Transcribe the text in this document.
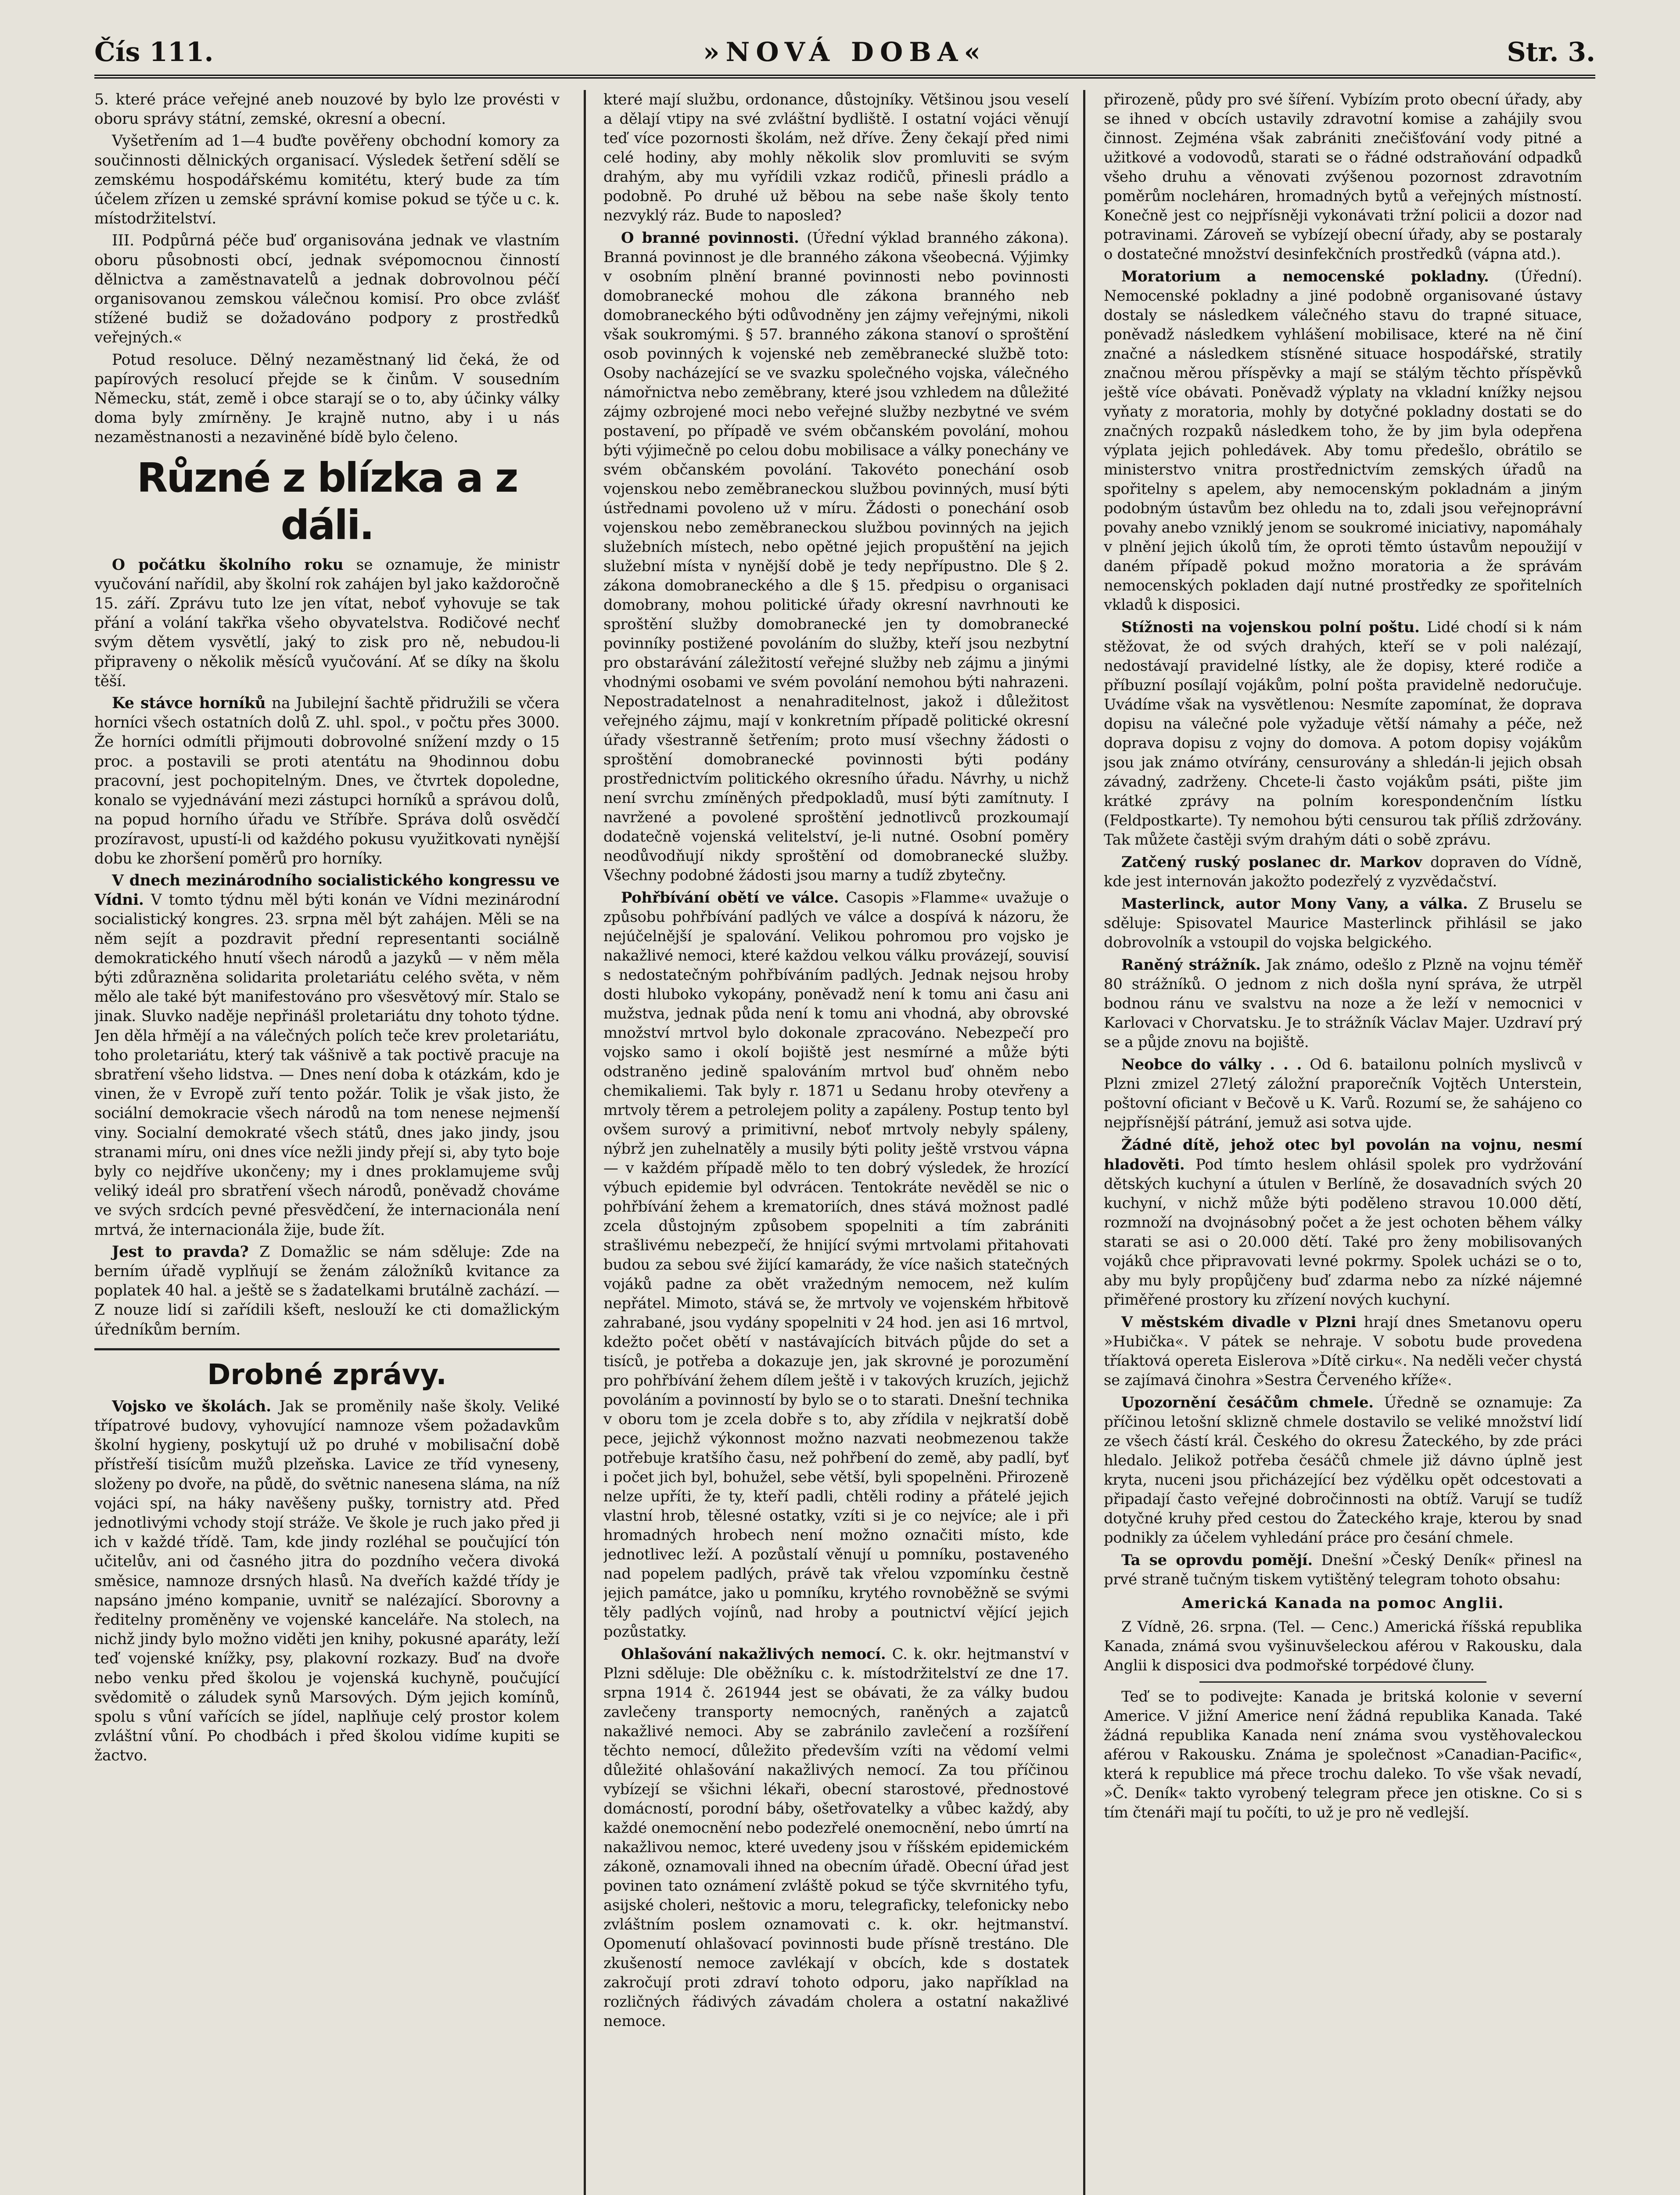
Čís 111.	»NOVÁ DOBA«	Str. 3.

5. které práce veřejné aneb nouzové by bylo lze provésti v oboru správy státní, zemské, okresní a obecní.

Vyšetřením ad 1—4 buďte pověřeny obchodní komory za součinnosti dělnických organisací. Výsledek šetření sdělí se zemskému hospodářskému komitétu, který bude za tím účelem zřízen u zemské správní komise pokud se týče u c. k. místodržitelství.

III. Podpůrná péče buď organisována jednak ve vlastním oboru působnosti obcí, jednak svépomocnou činností dělnictva a zaměstnavatelů a jednak dobrovolnou péčí organisovanou zemskou válečnou komisí. Pro obce zvlášť stížené budiž se dožadováno podpory z prostředků veřejných.«

Potud resoluce. Dělný nezaměstnaný lid čeká, že od papírových resolucí přejde se k činům. V sousedním Německu, stát, země i obce starají se o to, aby účinky války doma byly zmírněny. Je krajně nutno, aby i u nás nezaměstnanosti a nezaviněné bídě bylo čeleno.

Různé z blízka a z dáli.

O počátku školního roku se oznamuje, že ministr vyučování nařídil, aby školní rok zahájen byl jako každoročně 15. září. Zprávu tuto lze jen vítat, neboť vyhovuje se tak přání a volání takřka všeho obyvatelstva. Rodičové nechť svým dětem vysvětlí, jaký to zisk pro ně, nebudou-li připraveny o několik měsíců vyučování. Ať se díky na školu těší.

Ke stávce horníků na Jubilejní šachtě přidružili se včera horníci všech ostatních dolů Z. uhl. spol., v počtu přes 3000. Že horníci odmítli přijmouti dobrovolné snížení mzdy o 15 proc. a postavili se proti atentátu na 9hodinnou dobu pracovní, jest pochopitelným. Dnes, ve čtvrtek dopoledne, konalo se vyjednávání mezi zástupci horníků a správou dolů, na popud horního úřadu ve Stříbře. Správa dolů osvědčí prozíravost, upustí-li od každého pokusu využitkovati nynější dobu ke zhoršení poměrů pro horníky.

V dnech mezinárodního socialistického kongressu ve Vídni. V tomto týdnu měl býti konán ve Vídni mezinárodní socialistický kongres. 23. srpna měl být zahájen. Měli se na něm sejít a pozdravit přední representanti sociálně demokratického hnutí všech národů a jazyků — v něm měla býti zdůrazněna solidarita proletariátu celého světa, v něm mělo ale také být manifestováno pro všesvětový mír. Stalo se jinak. Sluvko naděje nepřinášl proletariátu dny tohoto týdne. Jen děla hřmějí a na válečných polích teče krev proletariátu, toho proletariátu, který tak vášnivě a tak poctivě pracuje na sbratření všeho lidstva. — Dnes není doba k otázkám, kdo je vinen, že v Evropě zuří tento požár. Tolik je však jisto, že sociální demokracie všech národů na tom nenese nejmenší viny. Socialní demokraté všech států, dnes jako jindy, jsou stranami míru, oni dnes více nežli jindy přejí si, aby tyto boje byly co nejdříve ukončeny; my i dnes proklamujeme svůj veliký ideál pro sbratření všech národů, poněvadž chováme ve svých srdcích pevné přesvědčení, že internacionála není mrtvá, že internacionála žije, bude žít.

Jest to pravda? Z Domažlic se nám sděluje: Zde na berním úřadě vyplňují se ženám záložníků kvitance za poplatek 40 hal. a ještě se s žadatelkami brutálně zachází. — Z nouze lidí si zařídili kšeft, neslouží ke cti domažlickým úředníkům berním.

Drobné zprávy.

Vojsko ve školách. Jak se proměnily naše školy. Veliké třípatrové budovy, vyhovující namnoze všem požadavkům školní hygieny, poskytují už po druhé v mobilisační době přístřeší tisícům mužů plzeňska. Lavice ze tříd vyneseny, složeny po dvoře, na půdě, do světnic nanesena sláma, na níž vojáci spí, na háky navěšeny pušky, tornistry atd. Před jednotlivými vchody stojí stráže. Ve škole je ruch jako před ji ich v každé třídě. Tam, kde jindy rozléhal se poučující tón učitelův, ani od časného jitra do pozdního večera divoká směsice, namnoze drsných hlasů. Na dveřích každé třídy je napsáno jméno kompanie, uvnitř se nalézající. Sborovny a ředitelny proměněny ve vojenské kanceláře. Na stolech, na nichž jindy bylo možno viděti jen knihy, pokusné aparáty, leží teď vojenské knížky, psy, plakovní rozkazy. Buď na dvoře nebo venku před školou je vojenská kuchyně, poučující svědomitě o záludek synů Marsových. Dým jejich komínů, spolu s vůní vařících se jídel, naplňuje celý prostor kolem zvláštní vůní. Po chodbách i před školou vidíme kupiti se žactvo.

které mají službu, ordonance, důstojníky. Většinou jsou veselí a dělají vtipy na své zvláštní bydliště. I ostatní vojáci věnují teď více pozornosti školám, než dříve. Ženy čekají před nimi celé hodiny, aby mohly několik slov promluviti se svým drahým, aby mu vyřídili vzkaz rodičů, přinesli prádlo a podobně. Po druhé už běbou na sebe naše školy tento nezvyklý ráz. Bude to naposled?

O branné povinnosti. (Úřední výklad branného zákona). Branná povinnost je dle branného zákona všeobecná. Výjimky v osobním plnění branné povinnosti nebo povinnosti domobranecké mohou dle zákona branného neb domobraneckého býti odůvodněny jen zájmy veřejnými, nikoli však soukromými. § 57. branného zákona stanoví o sproštění osob povinných k vojenské neb zeměbranecké službě toto: Osoby nacházející se ve svazku společného vojska, válečného námořnictva nebo zeměbrany, které jsou vzhledem na důležité zájmy ozbrojené moci nebo veřejné služby nezbytné ve svém postavení, po případě ve svém občanském povolání, mohou býti výjimečně po celou dobu mobilisace a války ponechány ve svém občanském povolání. Takovéto ponechání osob vojenskou nebo zeměbraneckou službou povinných, musí býti ústřednami povoleno už v míru. Žádosti o ponechání osob vojenskou nebo zeměbraneckou službou povinných na jejich služebních místech, nebo opětné jejich propuštění na jejich služební místa v nynější době je tedy nepřípustno. Dle § 2. zákona domobraneckého a dle § 15. předpisu o organisaci domobrany, mohou politické úřady okresní navrhnouti ke sproštění služby domobranecké jen ty domobranecké povinníky postižené povoláním do služby, kteří jsou nezbytní pro obstarávání záležitostí veřejné služby neb zájmu a jinými vhodnými osobami ve svém povolání nemohou býti nahrazeni. Nepostradatelnost a nenahraditelnost, jakož i důležitost veřejného zájmu, mají v konkretním případě politické okresní úřady všestranně šetřením; proto musí všechny žádosti o sproštění domobranecké povinnosti býti podány prostřednictvím politického okresního úřadu. Návrhy, u nichž není svrchu zmíněných předpokladů, musí býti zamítnuty. I navržené a povolené sproštění jednotlivců prozkoumají dodatečně vojenská velitelství, je-li nutné. Osobní poměry neodůvodňují nikdy sproštění od domobranecké služby. Všechny podobné žádosti jsou marny a tudíž zbytečny.

Pohřbívání obětí ve válce. Casopis »Flamme« uvažuje o způsobu pohřbívání padlých ve válce a dospívá k názoru, že nejúčelnější je spalování. Velikou pohromou pro vojsko je nakažlivé nemoci, které každou velkou válku provázejí, souvisí s nedostatečným pohřbíváním padlých. Jednak nejsou hroby dosti hluboko vykopány, poněvadž není k tomu ani času ani mužstva, jednak půda není k tomu ani vhodná, aby obrovské množství mrtvol bylo dokonale zpracováno. Nebezpečí pro vojsko samo i okolí bojiště jest nesmírné a může býti odstraněno jedině spalováním mrtvol buď ohněm nebo chemikaliemi. Tak byly r. 1871 u Sedanu hroby otevřeny a mrtvoly těrem a petrolejem polity a zapáleny. Postup tento byl ovšem surový a primitivní, neboť mrtvoly nebyly spáleny, nýbrž jen zuhelnatěly a musily býti polity ještě vrstvou vápna — v každém případě mělo to ten dobrý výsledek, že hrozící výbuch epidemie byl odvrácen. Tentokráte nevěděl se nic o pohřbívání žehem a krematoriích, dnes stává možnost padlé zcela důstojným způsobem spopelniti a tím zabrániti strašlivému nebezpečí, že hnijící svými mrtvolami přitahovati budou za sebou své žijící kamarády, že více našich statečných vojáků padne za obět vražedným nemocem, než kulím nepřátel. Mimoto, stává se, že mrtvoly ve vojenském hřbitově zahrabané, jsou vydány spopelniti v 24 hod. jen asi 16 mrtvol, kdežto počet obětí v nastávajících bitvách půjde do set a tisíců, je potřeba a dokazuje jen, jak skrovné je porozumění pro pohřbívání žehem dílem ještě i v takových kruzích, jejichž povoláním a povinností by bylo se o to starati. Dnešní technika v oboru tom je zcela dobře s to, aby zřídila v nejkratší době pece, jejichž výkonnost možno nazvati neobmezenou takže potřebuje kratšího času, než pohřbení do země, aby padlí, byť i počet jich byl, bohužel, sebe větší, byli spopelněni. Přirozeně nelze upříti, že ty, kteří padli, chtěli rodiny a přátelé jejich vlastní hrob, tělesné ostatky, vzíti si je co nejvíce; ale i při hromadných hrobech není možno označiti místo, kde jednotlivec leží. A pozůstalí věnují u pomníku, postaveného nad popelem padlých, právě tak vřelou vzpomínku čestně jejich památce, jako u pomníku, krytého rovnoběžně se svými těly padlých vojínů, nad hroby a poutnictví vějící jejich pozůstatky.

Ohlašování nakažlivých nemocí. C. k. okr. hejtmanství v Plzni sděluje: Dle oběžníku c. k. místodržitelství ze dne 17. srpna 1914 č. 261944 jest se obávati, že za války budou zavlečeny transporty nemocných, raněných a zajatců nakažlivé nemoci. Aby se zabránilo zavlečení a rozšíření těchto nemocí, důležito především vzíti na vědomí velmi důležité ohlašování nakažlivých nemocí. Za tou příčinou vybízejí se všichni lékaři, obecní starostové, přednostové domácností, porodní báby, ošetřovatelky a vůbec každý, aby každé onemocnění nebo podezřelé onemocnění, nebo úmrtí na nakažlivou nemoc, které uvedeny jsou v říšském epidemickém zákoně, oznamovali ihned na obecním úřadě. Obecní úřad jest povinen tato oznámení zvláště pokud se týče skvrnitého tyfu, asijské choleri, neštovic a moru, telegraficky, telefonicky nebo zvláštním poslem oznamovati c. k. okr. hejtmanství. Opomenutí ohlašovací povinnosti bude přísně trestáno. Dle zkušeností nemoce zavlékají v obcích, kde s dostatek zakročují proti zdraví tohoto odporu, jako například na rozličných řádivých závadám cholera a ostatní nakažlivé nemoce.

přirozeně, půdy pro své šíření. Vybízím proto obecní úřady, aby se ihned v obcích ustavily zdravotní komise a zahájily svou činnost. Zejména však zabrániti znečišťování vody pitné a užitkové a vodovodů, starati se o řádné odstraňování odpadků všeho druhu a věnovati zvýšenou pozornost zdravotním poměrům nocleháren, hromadných bytů a veřejných místností. Konečně jest co nejpřísněji vykonávati tržní policii a dozor nad potravinami. Zároveň se vybízejí obecní úřady, aby se postaraly o dostatečné množství desinfekčních prostředků (vápna atd.).

Moratorium a nemocenské pokladny. (Úřední). Nemocenské pokladny a jiné podobně organisované ústavy dostaly se následkem válečného stavu do trapné situace, poněvadž následkem vyhlášení mobilisace, které na ně činí značné a následkem stísněné situace hospodářské, stratily značnou měrou příspěvky a mají se stálým těchto příspěvků ještě více obávati. Poněvadž výplaty na vkladní knížky nejsou vyňaty z moratoria, mohly by dotyčné pokladny dostati se do značných rozpaků následkem toho, že by jim byla odepřena výplata jejich pohledávek. Aby tomu předešlo, obrátilo se ministerstvo vnitra prostřednictvím zemských úřadů na spořitelny s apelem, aby nemocenským pokladnám a jiným podobným ústavům bez ohledu na to, zdali jsou veřejnoprávní povahy anebo vzniklý jenom se soukromé iniciativy, napomáhaly v plnění jejich úkolů tím, že oproti těmto ústavům nepoužijí v daném případě pokud možno moratoria a že správám nemocenských pokladen dají nutné prostředky ze spořitelních vkladů k disposici.

Stížnosti na vojenskou polní poštu. Lidé chodí si k nám stěžovat, že od svých drahých, kteří se v poli nalézají, nedostávají pravidelné lístky, ale že dopisy, které rodiče a příbuzní posílají vojákům, polní pošta pravidelně nedoručuje. Uvádíme však na vysvětlenou: Nesmíte zapomínat, že doprava dopisu na válečné pole vyžaduje větší námahy a péče, než doprava dopisu z vojny do domova. A potom dopisy vojákům jsou jak známo otvírány, censurovány a shledán-li jejich obsah závadný, zadrženy. Chcete-li často vojákům psáti, pište jim krátké zprávy na polním korespondenčním lístku (Feldpostkarte). Ty nemohou býti censurou tak příliš zdržovány. Tak můžete častěji svým drahým dáti o sobě zprávu.

Zatčený ruský poslanec dr. Markov dopraven do Vídně, kde jest internován jakožto podezřelý z vyzvědačství.

Masterlinck, autor Mony Vany, a válka. Z Bruselu se sděluje: Spisovatel Maurice Masterlinck přihlásil se jako dobrovolník a vstoupil do vojska belgického.

Raněný strážník. Jak známo, odešlo z Plzně na vojnu téměř 80 strážníků. O jednom z nich došla nyní správa, že utrpěl bodnou ránu ve svalstvu na noze a že leží v nemocnici v Karlovaci v Chorvatsku. Je to strážník Václav Majer. Uzdraví prý se a půjde znovu na bojiště.

Neobce do války . . . Od 6. batailonu polních myslivců v Plzni zmizel 27letý záložní praporečník Vojtěch Unterstein, poštovní oficiant v Bečově u K. Varů. Rozumí se, že sahájeno co nejpřísnější pátrání, jemuž asi sotva ujde.

Žádné dítě, jehož otec byl povolán na vojnu, nesmí hladověti. Pod tímto heslem ohlásil spolek pro vydržování dětských kuchyní a útulen v Berlíně, že dosavadních svých 20 kuchyní, v nichž může býti poděleno stravou 10.000 dětí, rozmnoží na dvojnásobný počet a že jest ochoten během války starati se asi o 20.000 dětí. Také pro ženy mobilisovaných vojáků chce připravovati levné pokrmy. Spolek ucházi se o to, aby mu byly propůjčeny buď zdarma nebo za nízké nájemné přiměřené prostory ku zřízení nových kuchyní.

V městském divadle v Plzni hrají dnes Smetanovu operu »Hubička«. V pátek se nehraje. V sobotu bude provedena tříaktová opereta Eislerova »Dítě cirku«. Na neděli večer chystá se zajímavá činohra »Sestra Červeného kříže«.

Upozornění česáčům chmele. Úředně se oznamuje: Za příčinou letošní sklizně chmele dostavilo se veliké množství lidí ze všech částí král. Českého do okresu Žateckého, by zde práci hledalo. Jelikož potřeba česáčů chmele již dávno úplně jest kryta, nuceni jsou přicházející bez výdělku opět odcestovati a připadají často veřejné dobročinnosti na obtíž. Varují se tudíž dotyčné kruhy před cestou do Žateckého kraje, kterou by snad podnikly za účelem vyhledání práce pro česání chmele.

Ta se oprovdu pomějí. Dnešní »Český Deník« přinesl na prvé straně tučným tiskem vytištěný telegram tohoto obsahu:

Americká Kanada na pomoc Anglii.

Z Vídně, 26. srpna. (Tel. — Cenc.) Americká říšská republika Kanada, známá svou vyšinuvšeleckou aférou v Rakousku, dala Anglii k disposici dva podmořské torpédové čluny.

Teď se to podivejte: Kanada je britská kolonie v severní Americe. V jižní Americe není žádná republika Kanada. Také žádná republika Kanada není známa svou vystěhovaleckou aférou v Rakousku. Známa je společnost »Canadian-Pacific«, která k republice má přece trochu daleko. To vše však nevadí, »Č. Deník« takto vyrobený telegram přece jen otiskne. Co si s tím čtenáři mají tu počíti, to už je pro ně vedlejší.
